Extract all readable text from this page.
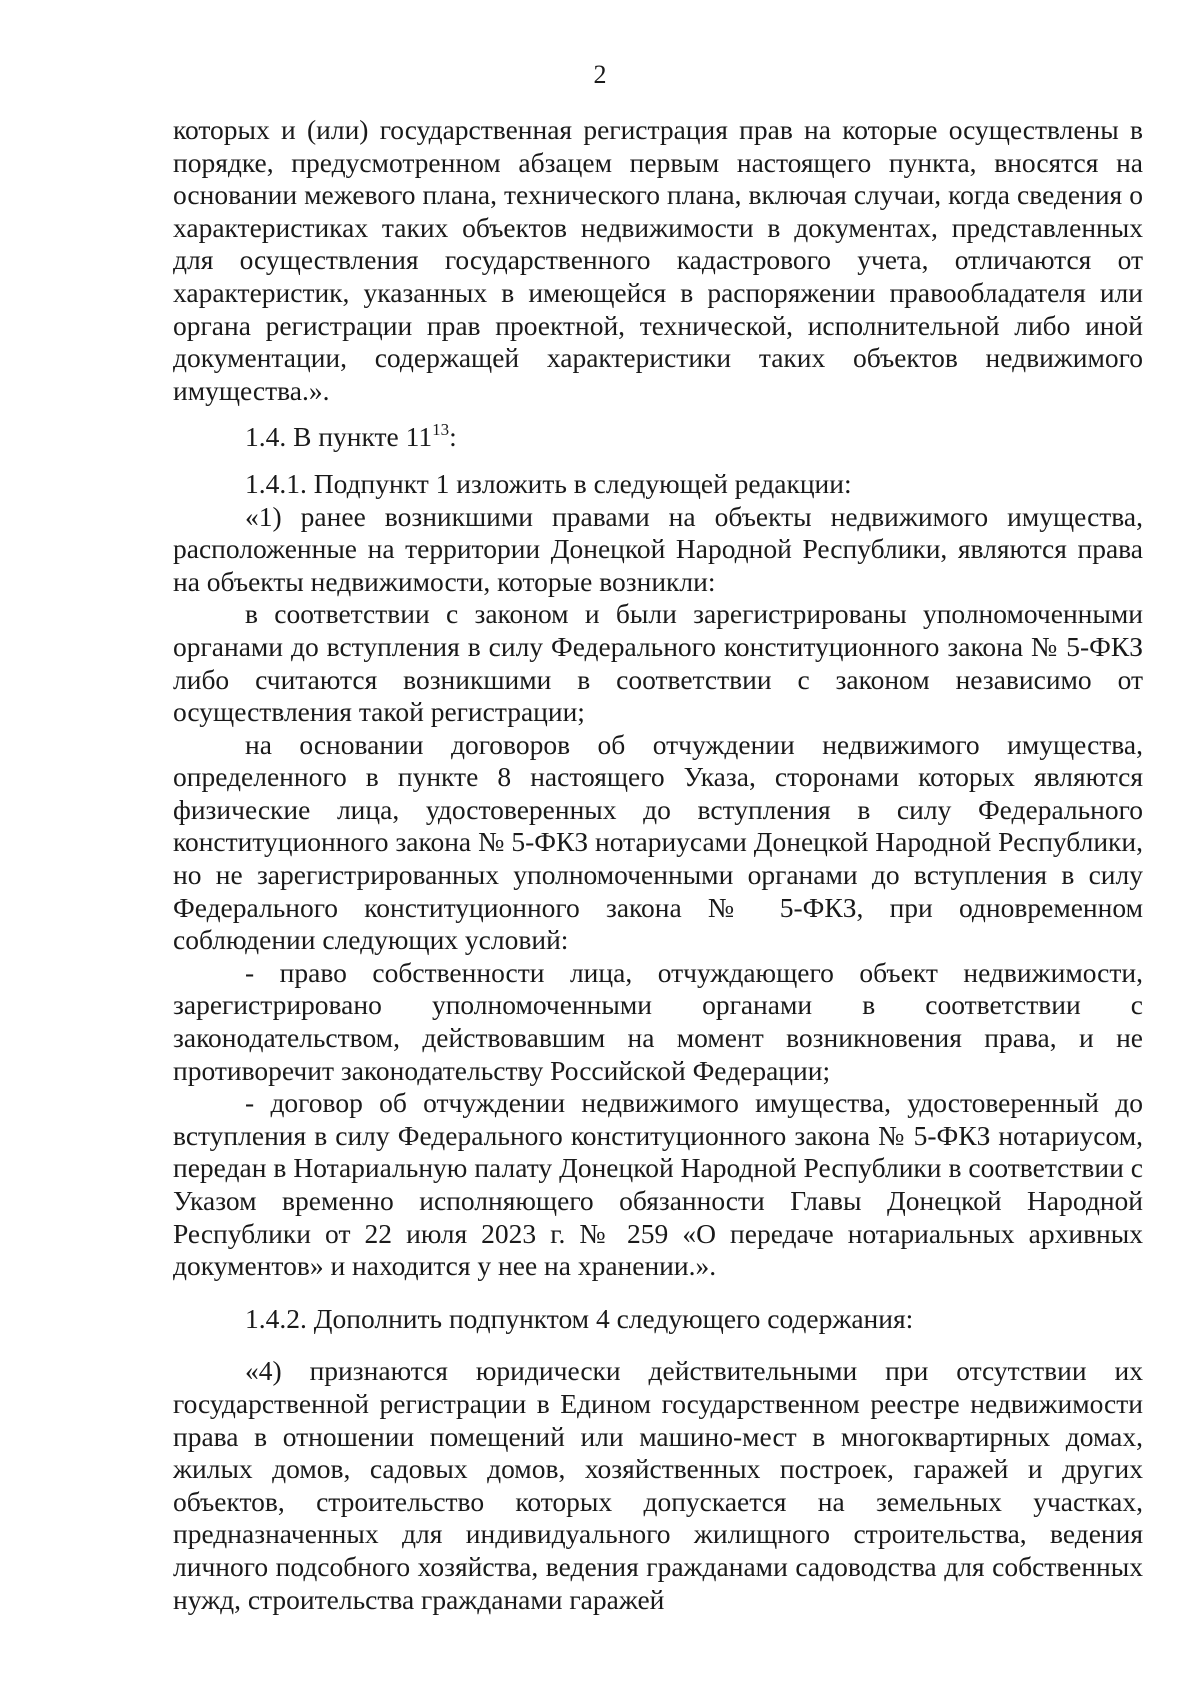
2

которых и (или) государственная регистрация прав на которые осуществлены в порядке, предусмотренном абзацем первым настоящего пункта, вносятся на основании межевого плана, технического плана, включая случаи, когда сведения о характеристиках таких объектов недвижимости в документах, представленных для осуществления государственного кадастрового учета, отличаются от характеристик, указанных в имеющейся в распоряжении правообладателя или органа регистрации прав проектной, технической, исполнительной либо иной документации, содержащей характеристики таких объектов недвижимого имущества.».

1.4. В пункте $11^{13}$:

1.4.1. Подпункт 1 изложить в следующей редакции:

«1) ранее возникшими правами на объекты недвижимого имущества, расположенные на территории Донецкой Народной Республики, являются права на объекты недвижимости, которые возникли:

в соответствии с законом и были зарегистрированы уполномоченными органами до вступления в силу Федерального конституционного закона № 5-ФКЗ либо считаются возникшими в соответствии с законом независимо от осуществления такой регистрации;

на основании договоров об отчуждении недвижимого имущества, определенного в пункте 8 настоящего Указа, сторонами которых являются физические лица, удостоверенных до вступления в силу Федерального конституционного закона № 5-ФКЗ нотариусами Донецкой Народной Республики, но не зарегистрированных уполномоченными органами до вступления в силу Федерального конституционного закона № 5-ФКЗ, при одновременном соблюдении следующих условий:

- право собственности лица, отчуждающего объект недвижимости, зарегистрировано уполномоченными органами в соответствии с законодательством, действовавшим на момент возникновения права, и не противоречит законодательству Российской Федерации;

- договор об отчуждении недвижимого имущества, удостоверенный до вступления в силу Федерального конституционного закона № 5-ФКЗ нотариусом, передан в Нотариальную палату Донецкой Народной Республики в соответствии с Указом временно исполняющего обязанности Главы Донецкой Народной Республики от 22 июля 2023 г. № 259 «О передаче нотариальных архивных документов» и находится у нее на хранении.».

1.4.2. Дополнить подпунктом 4 следующего содержания:

«4) признаются юридически действительными при отсутствии их государственной регистрации в Едином государственном реестре недвижимости права в отношении помещений или машино-мест в многоквартирных домах, жилых домов, садовых домов, хозяйственных построек, гаражей и других объектов, строительство которых допускается на земельных участках, предназначенных для индивидуального жилищного строительства, ведения личного подсобного хозяйства, ведения гражданами садоводства для собственных нужд, строительства гражданами гаражей
